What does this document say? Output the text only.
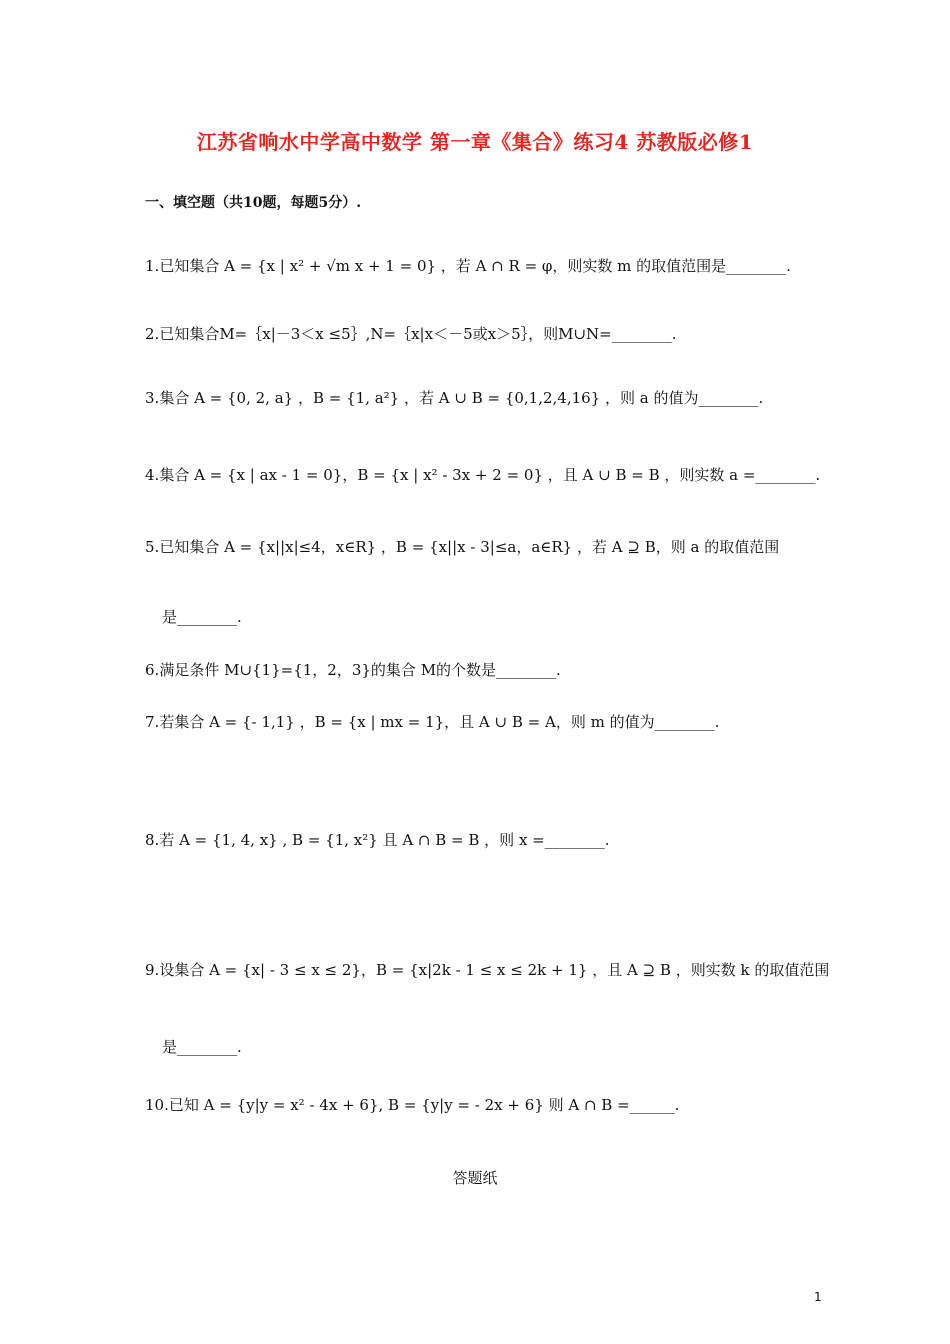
江苏省响水中学高中数学 第一章《集合》练习4 苏教版必修1
一、填空题（共10题，每题5分）.
1.已知集合 A = {x | x² + √m x + 1 = 0} ，若 A ∩ R = φ，则实数 m 的取值范围是________.
2.已知集合M=｛x|－3＜x ≤5｝,N=｛x|x＜－5或x＞5｝，则M∪N=________.
3.集合 A = {0, 2, a} ，B = {1, a²} ，若 A ∪ B = {0,1,2,4,16} ，则 a 的值为________.
4.集合 A = {x | ax - 1 = 0}，B = {x | x² - 3x + 2 = 0} ，且 A ∪ B = B ，则实数 a =________.
5.已知集合 A = {x||x|≤4，x∈R} ，B = {x||x - 3|≤a，a∈R} ，若 A ⊇ B，则 a 的取值范围
是________.
6.满足条件 M∪{1}={1，2，3}的集合 M的个数是________.
7.若集合 A = {- 1,1} ，B = {x | mx = 1}，且 A ∪ B = A，则 m 的值为________.
8.若 A = {1, 4, x} , B = {1, x²} 且 A ∩ B = B ，则 x =________.
9.设集合 A = {x| - 3 ≤ x ≤ 2}，B = {x|2k - 1 ≤ x ≤ 2k + 1} ，且 A ⊇ B ，则实数 k 的取值范围
是________.
10.已知 A = {y|y = x² - 4x + 6}, B = {y|y = - 2x + 6} 则 A ∩ B =______.
答题纸
1
